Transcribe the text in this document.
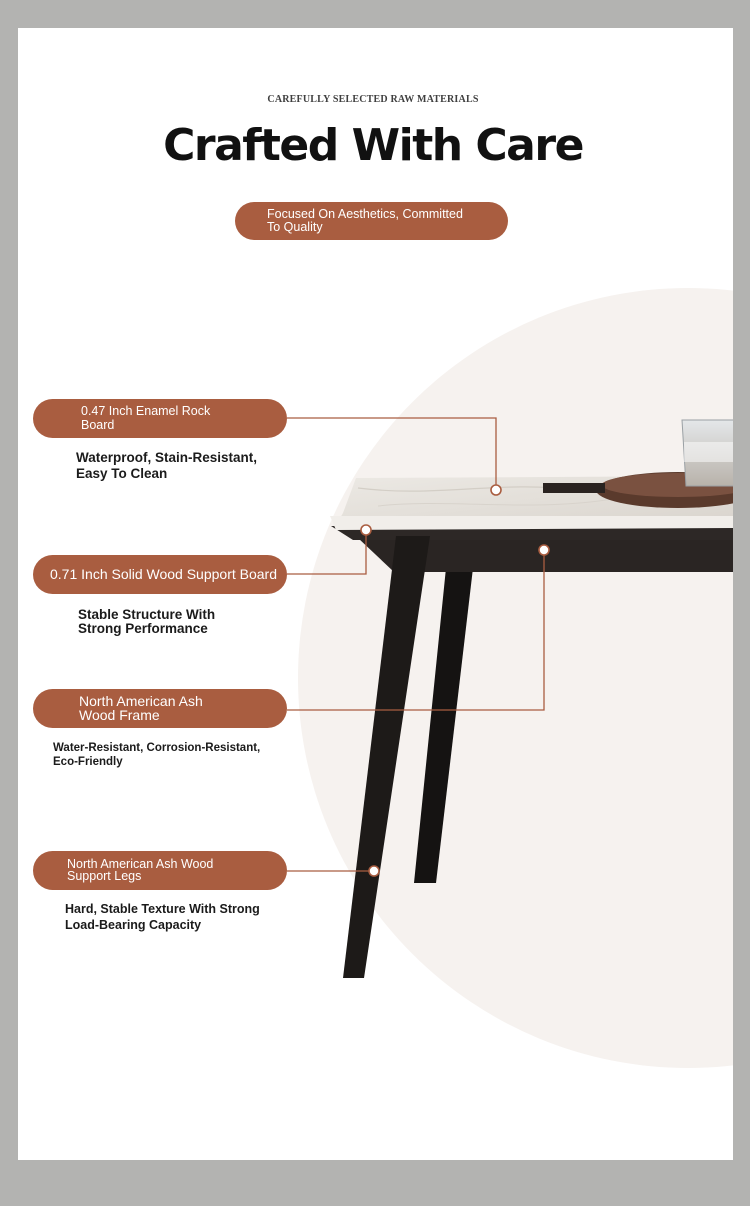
CAREFULLY SELECTED RAW MATERIALS
Crafted With Care
Focused On Aesthetics, Committed To Quality
0.47 Inch Enamel Rock Board
Waterproof, Stain-Resistant, Easy To Clean
0.71 Inch Solid Wood Support Board
Stable Structure With Strong Performance
North American Ash Wood Frame
Water-Resistant, Corrosion-Resistant, Eco-Friendly
North American Ash Wood Support Legs
Hard, Stable Texture With Strong Load-Bearing Capacity
